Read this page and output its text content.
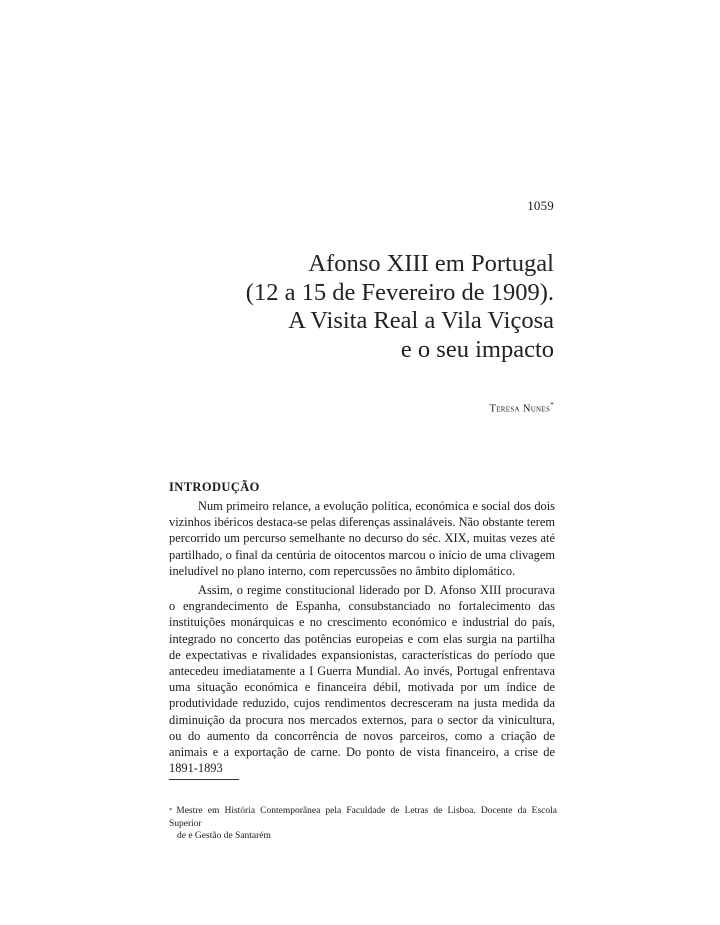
1059
Afonso XIII em Portugal
(12 a 15 de Fevereiro de 1909).
A Visita Real a Vila Viçosa
e o seu impacto
Teresa Nunes*
INTRODUÇÃO

Num primeiro relance, a evolução política, económica e social dos dois vizinhos ibéricos destaca-se pelas diferenças assinaláveis. Não obstante terem percorrido um percurso semelhante no decurso do séc. XIX, muitas vezes até partilhado, o final da centúria de oitocentos marcou o início de uma clivagem ineludível no plano interno, com repercussões no âmbito diplomático.

Assim, o regime constitucional liderado por D. Afonso XIII procurava o engrandecimento de Espanha, consubstanciado no fortalecimento das instituições monárquicas e no crescimento económico e industrial do país, integrado no concerto das potências europeias e com elas surgia na partilha de expectativas e rivalidades expansionistas, características do período que antecedeu imediatamente a I Guerra Mundial. Ao invés, Portugal enfrentava uma situação económica e financeira débil, motivada por um índice de produtividade reduzido, cujos rendimentos decresceram na justa medida da diminuição da procura nos mercados externos, para o sector da vinicultura, ou do aumento da concorrência de novos parceiros, como a criação de animais e a exportação de carne. Do ponto de vista financeiro, a crise de 1891-1893

* Mestre em História Contemporânea pela Faculdade de Letras de Lisboa. Docente da Escola Superior
de e Gestão de Santarém
